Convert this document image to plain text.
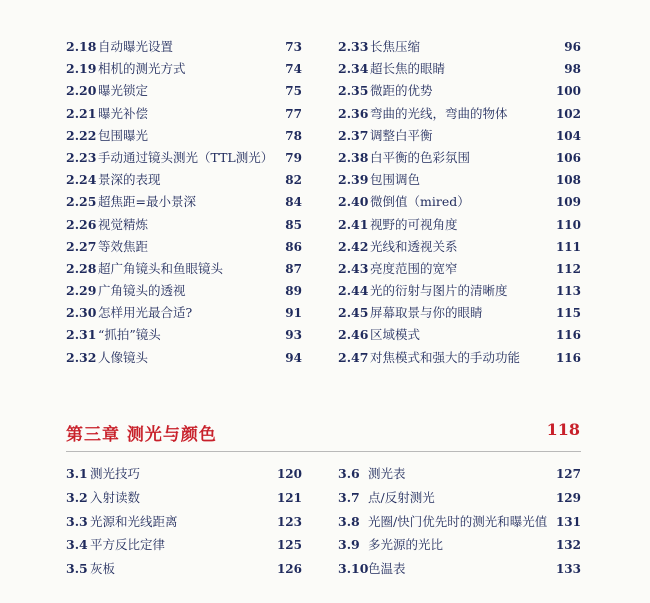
2.18 自动曝光设置	73
2.19 相机的测光方式	74
2.20 曝光锁定	75
2.21 曝光补偿	77
2.22 包围曝光	78
2.23 手动通过镜头测光（TTL测光） 79
2.24 景深的表现	82
2.25 超焦距=最小景深	84
2.26 视觉精炼	85
2.27 等效焦距	86
2.28 超广角镜头和鱼眼镜头	87
2.29 广角镜头的透视	89
2.30 怎样用光最合适?	91
2.31 “抓拍”镜头	93
2.32 人像镜头	94
2.33 长焦压缩	96
2.34 超长焦的眼睛	98
2.35 微距的优势	100
2.36 弯曲的光线，弯曲的物体	102
2.37 调整白平衡	104
2.38 白平衡的色彩氛围	106
2.39 包围调色	108
2.40 微倒值（mired）	109
2.41 视野的可视角度	110
2.42 光线和透视关系	111
2.43 亮度范围的宽窄	112
2.44 光的衍射与图片的清晰度	113
2.45 屏幕取景与你的眼睛	115
2.46 区域模式	116
2.47 对焦模式和强大的手动功能	116
第三章 测光与颜色	118
3.1 测光技巧	120
3.2 入射读数	121
3.3 光源和光线距离	123
3.4 平方反比定律	125
3.5 灰板	126
3.6 测光表	127
3.7 点/反射测光	129
3.8 光圈/快门优先时的测光和曝光值 131
3.9 多光源的光比	132
3.10色温表	133
